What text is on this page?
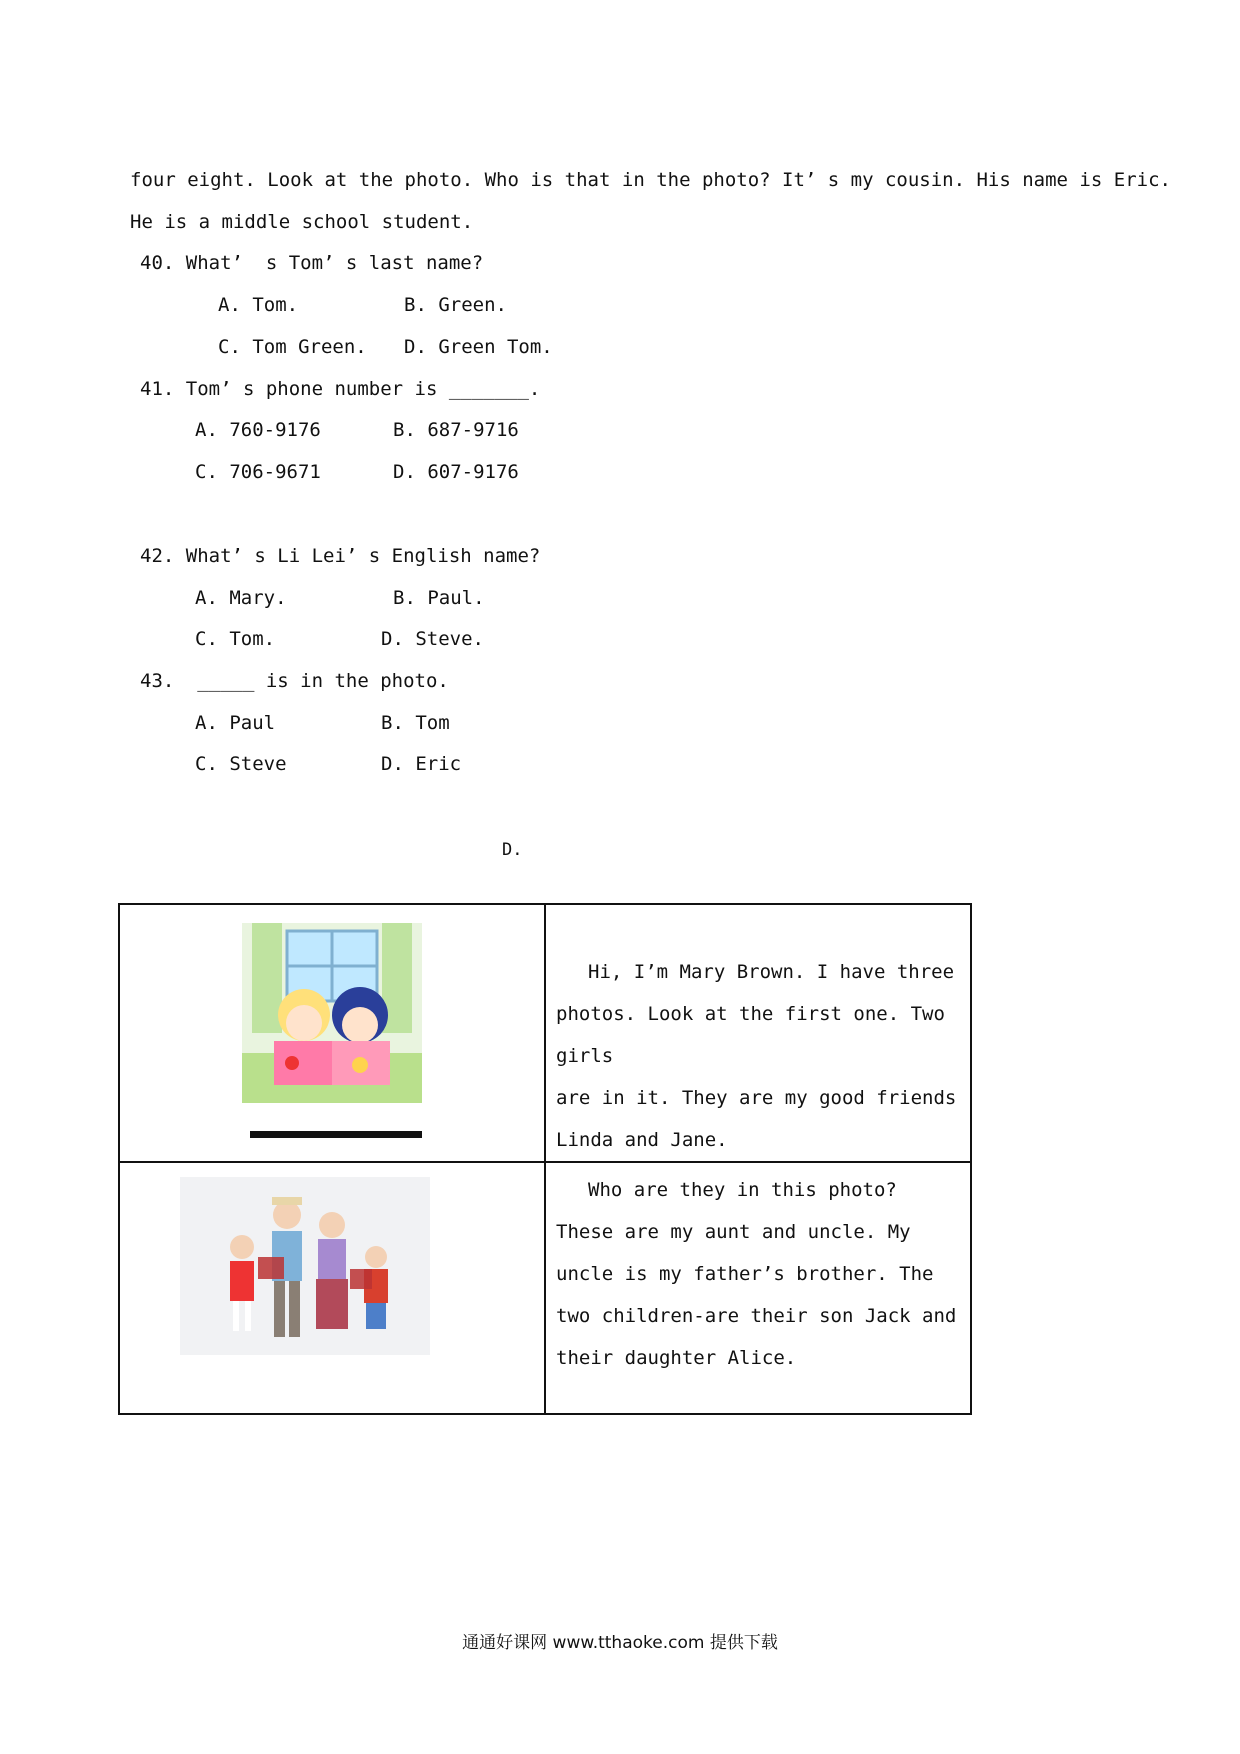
four eight. Look at the photo. Who is that in the photo? It’ s my cousin. His name is Eric.
He is a middle school student.
40. What’  s Tom’ s last name?
A. Tom.	B. Green.
C. Tom Green. D. Green Tom.
41. Tom’ s phone number is _______.
A. 760-9176	B. 687-9716
C. 706-9671	D. 607-9176
42. What’ s Li Lei’ s English name?
A. Mary.	B. Paul.
C. Tom.	D. Steve.
43.  _____ is in the photo.
A. Paul	B. Tom
C. Steve	D. Eric
D.

Hi, I’m Mary Brown. I have three

photos. Look at the first one. Two girls

are in it. They are my good friends

Linda and Jane.

Who are they in this photo?

These are my aunt and uncle. My

uncle is my father’s brother. The

two children-are their son Jack and

their daughter Alice.

通通好课网 www.tthaoke.com 提供下载
